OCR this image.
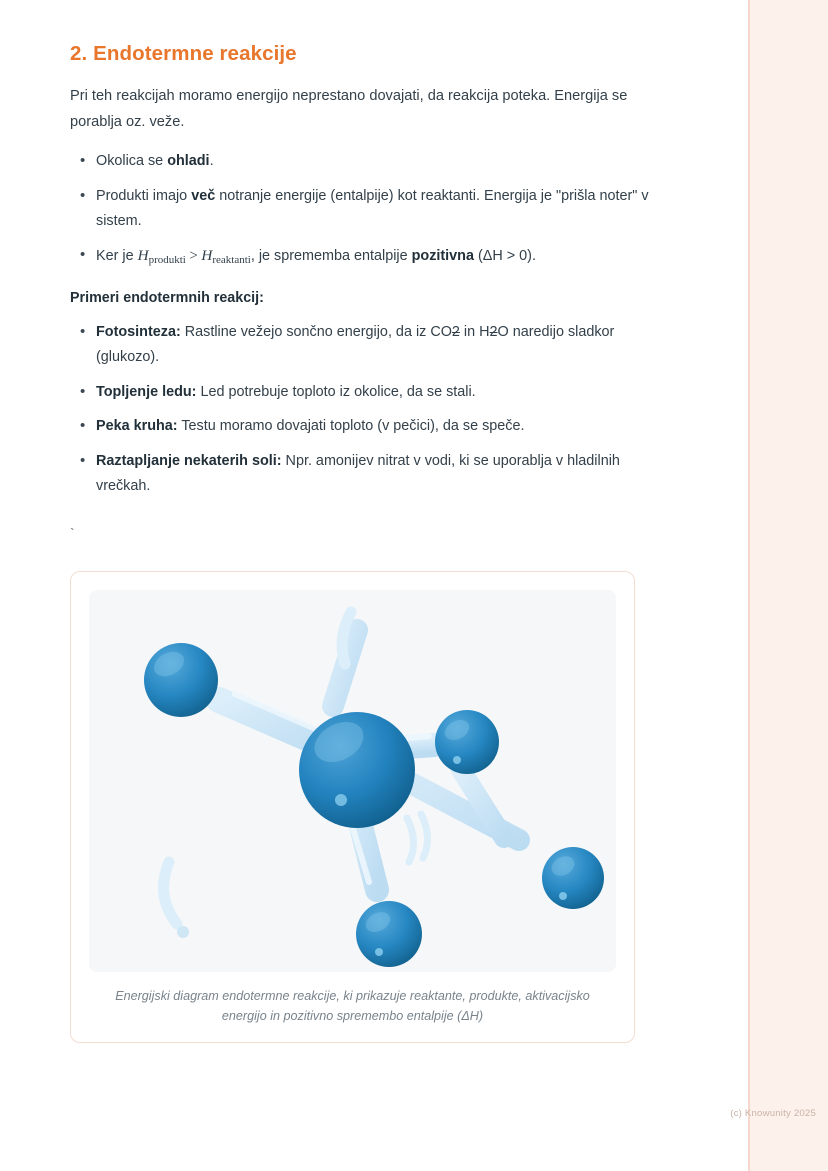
2. Endotermne reakcije

Pri teh reakcijah moramo energijo neprestano dovajati, da reakcija poteka. Energija se porablja oz. veže.

• Okolica se ohladi.
• Produkti imajo več notranje energije (entalpije) kot reaktanti. Energija je "prišla noter" v sistem.
• Ker je Hprodukti > Hreaktanti, je sprememba entalpije pozitivna (ΔH > 0).

Primeri endotermnih reakcij:

• Fotosinteza: Rastline vežejo sončno energijo, da iz CO2 in H2O naredijo sladkor (glukozo).
• Topljenje ledu: Led potrebuje toploto iz okolice, da se stali.
• Peka kruha: Testu moramo dovajati toploto (v pečici), da se speče.
• Raztapljanje nekaterih soli: Npr. amonijev nitrat v vodi, ki se uporablja v hladilnih vrečkah.

`

Energijski diagram endotermne reakcije, ki prikazuje reaktante, produkte, aktivacijsko energijo in pozitivno spremembo entalpije (ΔH)
(c) Knowunity 2025
